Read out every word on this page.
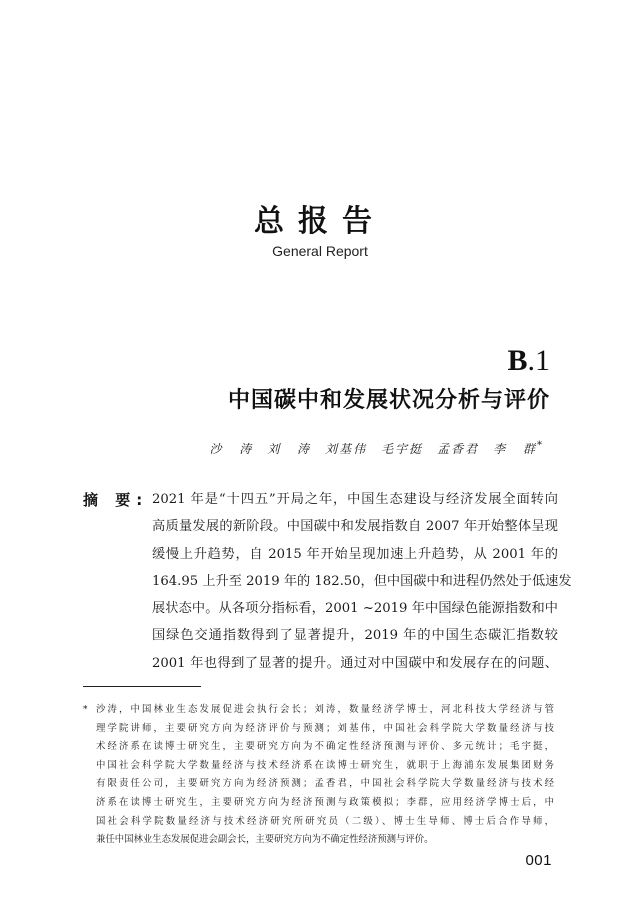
总报告
General Report
B.1
中国碳中和发展状况分析与评价
沙 涛　刘 涛　刘基伟　毛宇挺　孟香君　李 群*
摘 要: 2021 年是“十四五”开局之年，中国生态建设与经济发展全面转向
高质量发展的新阶段。中国碳中和发展指数自 2007 年开始整体呈现
缓慢上升趋势，自 2015 年开始呈现加速上升趋势，从 2001 年的
164.95 上升至 2019 年的 182.50，但中国碳中和进程仍然处于低速发
展状态中。从各项分指标看，2001 ~2019 年中国绿色能源指数和中
国绿色交通指数得到了显著提升，2019 年的中国生态碳汇指数较
2001 年也得到了显著的提升。通过对中国碳中和发展存在的问题、
* 沙涛，中国林业生态发展促进会执行会长；刘涛，数量经济学博士，河北科技大学经济与管
理学院讲师，主要研究方向为经济评价与预测；刘基伟，中国社会科学院大学数量经济与技
术经济系在读博士研究生，主要研究方向为不确定性经济预测与评价、多元统计；毛宇挺，
中国社会科学院大学数量经济与技术经济系在读博士研究生，就职于上海浦东发展集团财务
有限责任公司，主要研究方向为经济预测；孟香君，中国社会科学院大学数量经济与技术经
济系在读博士研究生，主要研究方向为经济预测与政策模拟；李群，应用经济学博士后，中
国社会科学院数量经济与技术经济研究所研究员（二级）、博士生导师、博士后合作导师，
兼任中国林业生态发展促进会副会长，主要研究方向为不确定性经济预测与评价。
001
